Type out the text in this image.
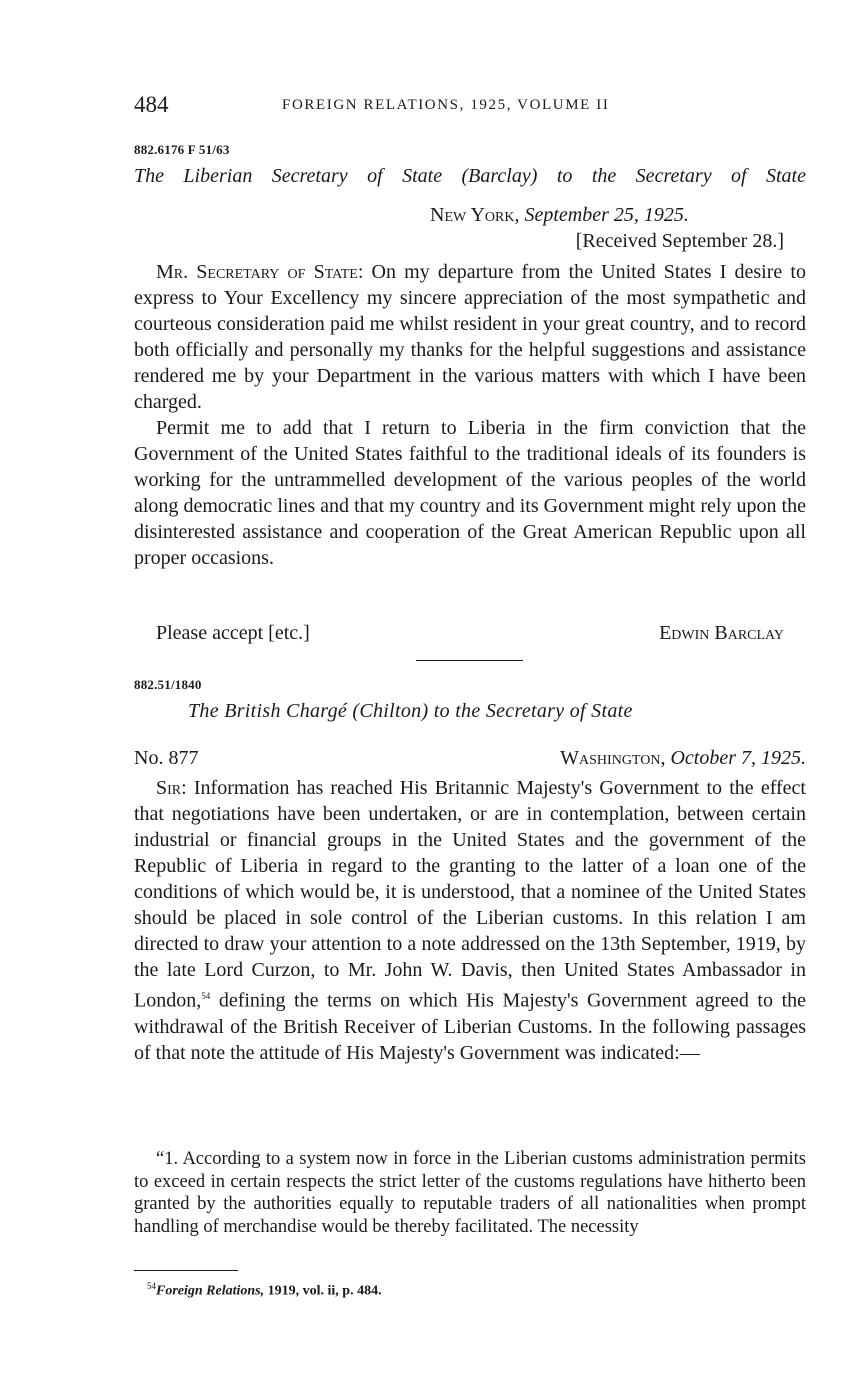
484	FOREIGN RELATIONS, 1925, VOLUME II
882.6176 F 51/63
The Liberian Secretary of State (Barclay) to the Secretary of State
New York, September 25, 1925.
[Received September 28.]

Mr. Secretary of State: On my departure from the United States I desire to express to Your Excellency my sincere appreciation of the most sympathetic and courteous consideration paid me whilst resident in your great country, and to record both officially and personally my thanks for the helpful suggestions and assistance rendered me by your Department in the various matters with which I have been charged.

Permit me to add that I return to Liberia in the firm conviction that the Government of the United States faithful to the traditional ideals of its founders is working for the untrammelled development of the various peoples of the world along democratic lines and that my country and its Government might rely upon the disinterested assistance and cooperation of the Great American Republic upon all proper occasions.

Please accept [etc.]	Edwin Barclay
882.51/1840
The British Chargé (Chilton) to the Secretary of State
No. 877	Washington, October 7, 1925.

Sir: Information has reached His Britannic Majesty's Government to the effect that negotiations have been undertaken, or are in contemplation, between certain industrial or financial groups in the United States and the government of the Republic of Liberia in regard to the granting to the latter of a loan one of the conditions of which would be, it is understood, that a nominee of the United States should be placed in sole control of the Liberian customs. In this relation I am directed to draw your attention to a note addressed on the 13th September, 1919, by the late Lord Curzon, to Mr. John W. Davis, then United States Ambassador in London,$^{54}$ defining the terms on which His Majesty's Government agreed to the withdrawal of the British Receiver of Liberian Customs. In the following passages of that note the attitude of His Majesty's Government was indicated:—

“1. According to a system now in force in the Liberian customs administration permits to exceed in certain respects the strict letter of the customs regulations have hitherto been granted by the authorities equally to reputable traders of all nationalities when prompt handling of merchandise would be thereby facilitated. The necessity

$^{54}$Foreign Relations, 1919, vol. ii, p. 484.
